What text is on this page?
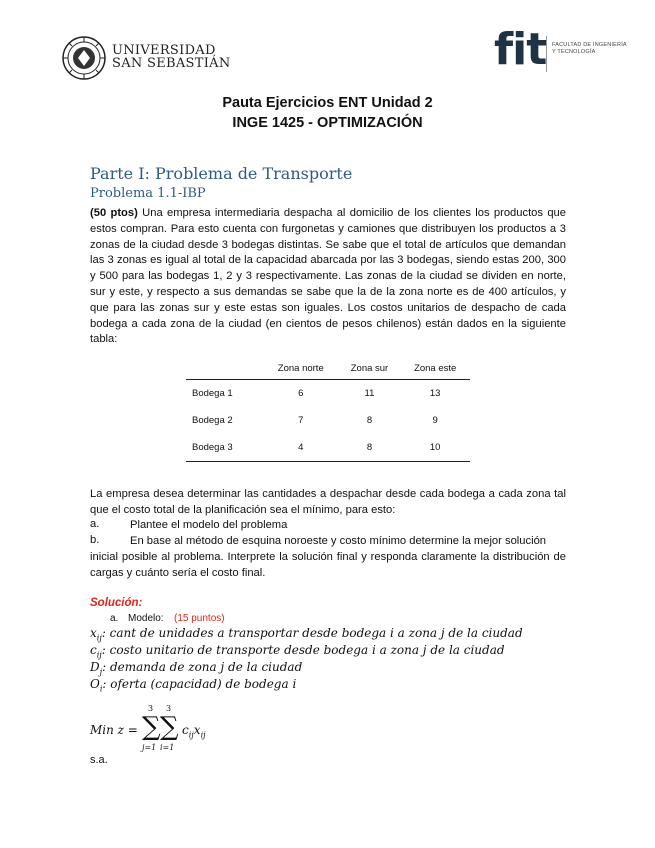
UNIVERSIDAD
SAN SEBASTIÁN	fit FACULTAD DE INGENIERÍA
Y TECNOLOGÍA
Pauta Ejercicios ENT Unidad 2
INGE 1425 - OPTIMIZACIÓN
Parte I: Problema de Transporte
Problema 1.1-IBP
(50 ptos) Una empresa intermediaria despacha al domicilio de los clientes los productos que estos compran. Para esto cuenta con furgonetas y camiones que distribuyen los productos a 3 zonas de la ciudad desde 3 bodegas distintas. Se sabe que el total de artículos que demandan las 3 zonas es igual al total de la capacidad abarcada por las 3 bodegas, siendo estas 200, 300 y 500 para las bodegas 1, 2 y 3 respectivamente. Las zonas de la ciudad se dividen en norte, sur y este, y respecto a sus demandas se sabe que la de la zona norte es de 400 artículos, y que para las zonas sur y este estas son iguales. Los costos unitarios de despacho de cada bodega a cada zona de la ciudad (en cientos de pesos chilenos) están dados en la siguiente tabla:
	Zona norte	Zona sur	Zona este
Bodega 1	6	11	13
Bodega 2	7	8	9
Bodega 3	4	8	10
La empresa desea determinar las cantidades a despachar desde cada bodega a cada zona tal que el costo total de la planificación sea el mínimo, para esto:
a.	Plantee el modelo del problema
b.	En base al método de esquina noroeste y costo mínimo determine la mejor solución
inicial posible al problema. Interprete la solución final y responda claramente la distribución de cargas y cuánto sería el costo final.
Solución:
a. Modelo: (15 puntos)
$x_{ij}$: cant de unidades a transportar desde bodega i a zona j de la ciudad
$c_{ij}$: costo unitario de transporte desde bodega i a zona j de la ciudad
$D_j$: demanda de zona j de la ciudad
$O_i$: oferta (capacidad) de bodega i
Min z = ∑
3
j=1
∑
3
i=1
$c_{ij}x_{ij}$
s.a.
